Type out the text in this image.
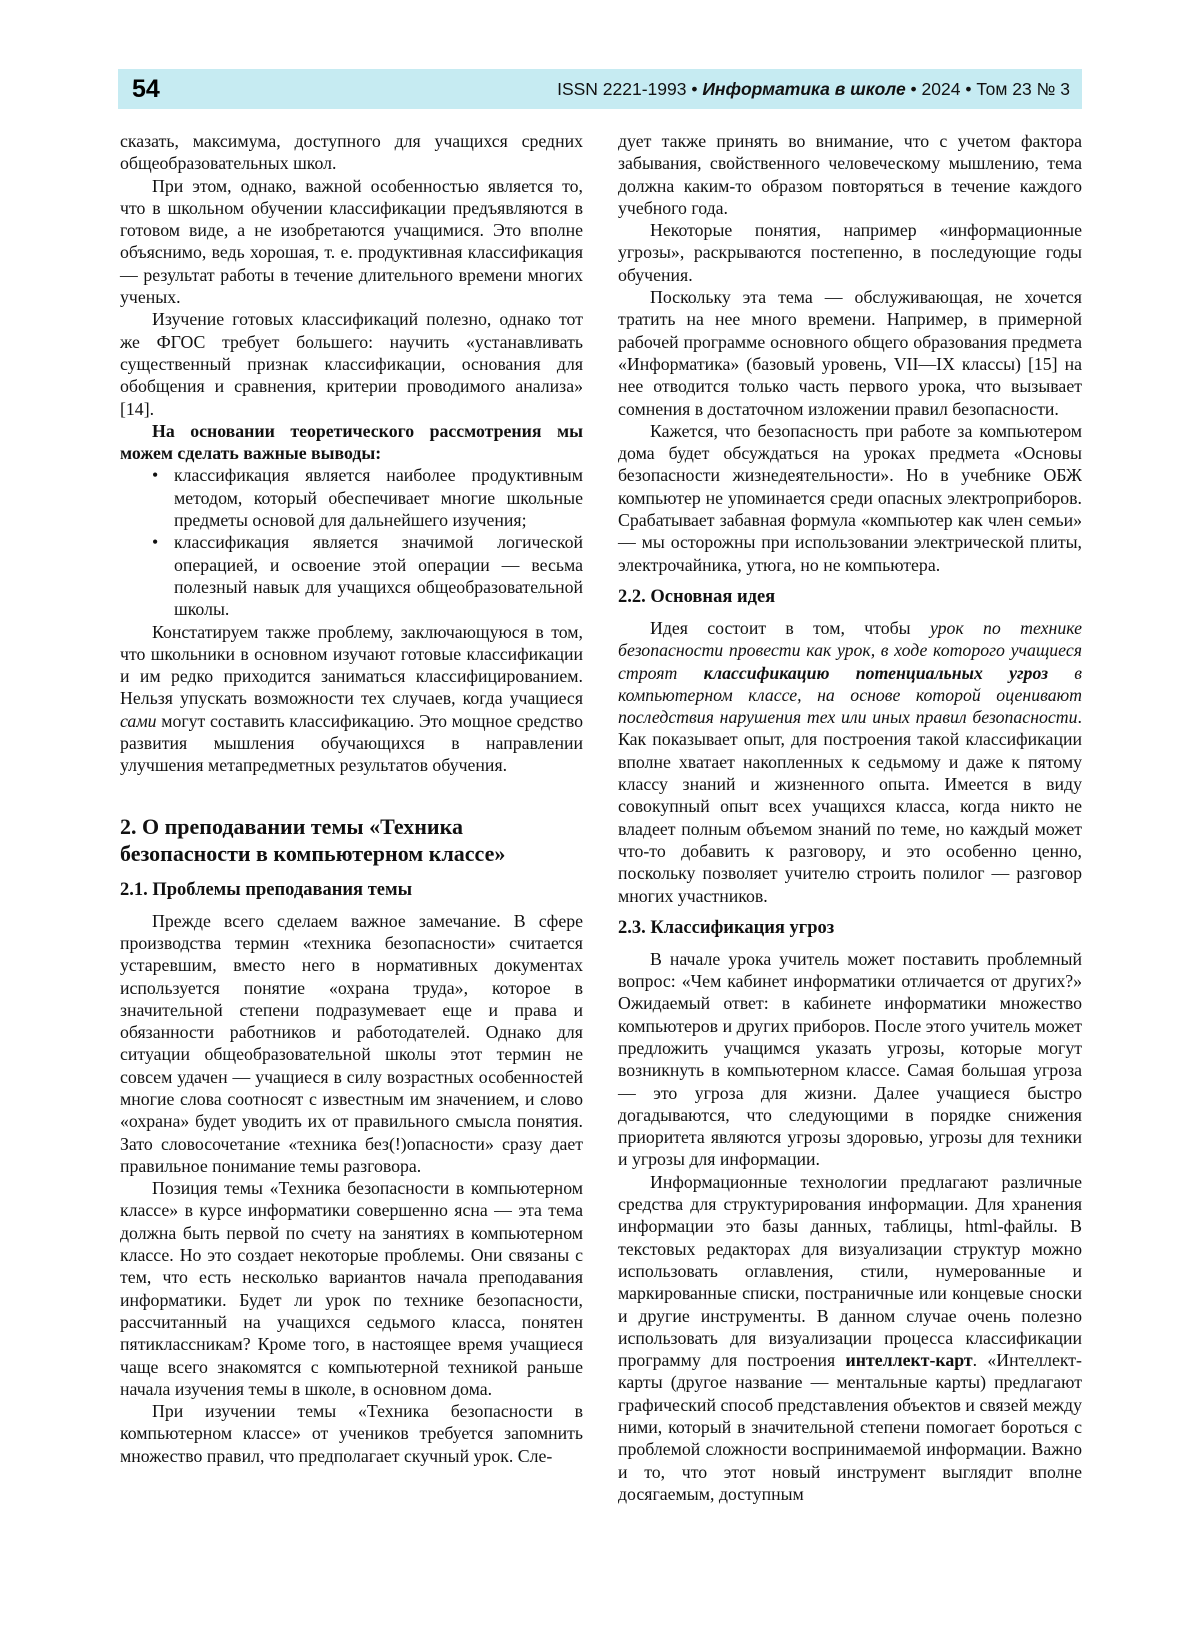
54	ISSN 2221-1993 • Информатика в школе • 2024 • Том 23 № 3

сказать, максимума, доступного для учащихся средних общеобразовательных школ.

При этом, однако, важной особенностью является то, что в школьном обучении классификации предъявляются в готовом виде, а не изобретаются учащимися. Это вполне объяснимо, ведь хорошая, т. е. продуктивная классификация — результат работы в течение длительного времени многих ученых.

Изучение готовых классификаций полезно, однако тот же ФГОС требует большего: научить «устанавливать существенный признак классификации, основания для обобщения и сравнения, критерии проводимого анализа» [14].

На основании теоретического рассмотрения мы можем сделать важные выводы:

• классификация является наиболее продуктивным методом, который обеспечивает многие школьные предметы основой для дальнейшего изучения;
• классификация является значимой логической операцией, и освоение этой операции — весьма полезный навык для учащихся общеобразовательной школы.

Констатируем также проблему, заключающуюся в том, что школьники в основном изучают готовые классификации и им редко приходится заниматься классифицированием. Нельзя упускать возможности тех случаев, когда учащиеся сами могут составить классификацию. Это мощное средство развития мышления обучающихся в направлении улучшения метапредметных результатов обучения.

2. О преподавании темы «Техника безопасности в компьютерном классе»
2.1. Проблемы преподавания темы

Прежде всего сделаем важное замечание. В сфере производства термин «техника безопасности» считается устаревшим, вместо него в нормативных документах используется понятие «охрана труда», которое в значительной степени подразумевает еще и права и обязанности работников и работодателей. Однако для ситуации общеобразовательной школы этот термин не совсем удачен — учащиеся в силу возрастных особенностей многие слова соотносят с известным им значением, и слово «охрана» будет уводить их от правильного смысла понятия. Зато словосочетание «техника без(!)опасности» сразу дает правильное понимание темы разговора.

Позиция темы «Техника безопасности в компьютерном классе» в курсе информатики совершенно ясна — эта тема должна быть первой по счету на занятиях в компьютерном классе. Но это создает некоторые проблемы. Они связаны с тем, что есть несколько вариантов начала преподавания информатики. Будет ли урок по технике безопасности, рассчитанный на учащихся седьмого класса, понятен пятиклассникам? Кроме того, в настоящее время учащиеся чаще всего знакомятся с компьютерной техникой раньше начала изучения темы в школе, в основном дома.

При изучении темы «Техника безопасности в компьютерном классе» от учеников требуется запомнить множество правил, что предполагает скучный урок. Сле-

дует также принять во внимание, что с учетом фактора забывания, свойственного человеческому мышлению, тема должна каким-то образом повторяться в течение каждого учебного года.

Некоторые понятия, например «информационные угрозы», раскрываются постепенно, в последующие годы обучения.

Поскольку эта тема — обслуживающая, не хочется тратить на нее много времени. Например, в примерной рабочей программе основного общего образования предмета «Информатика» (базовый уровень, VII—IX классы) [15] на нее отводится только часть первого урока, что вызывает сомнения в достаточном изложении правил безопасности.

Кажется, что безопасность при работе за компьютером дома будет обсуждаться на уроках предмета «Основы безопасности жизнедеятельности». Но в учебнике ОБЖ компьютер не упоминается среди опасных электроприборов. Срабатывает забавная формула «компьютер как член семьи» — мы осторожны при использовании электрической плиты, электрочайника, утюга, но не компьютера.

2.2. Основная идея

Идея состоит в том, чтобы урок по технике безопасности провести как урок, в ходе которого учащиеся строят классификацию потенциальных угроз в компьютерном классе, на основе которой оценивают последствия нарушения тех или иных правил безопасности. Как показывает опыт, для построения такой классификации вполне хватает накопленных к седьмому и даже к пятому классу знаний и жизненного опыта. Имеется в виду совокупный опыт всех учащихся класса, когда никто не владеет полным объемом знаний по теме, но каждый может что-то добавить к разговору, и это особенно ценно, поскольку позволяет учителю строить полилог — разговор многих участников.

2.3. Классификация угроз

В начале урока учитель может поставить проблемный вопрос: «Чем кабинет информатики отличается от других?» Ожидаемый ответ: в кабинете информатики множество компьютеров и других приборов. После этого учитель может предложить учащимся указать угрозы, которые могут возникнуть в компьютерном классе. Самая большая угроза — это угроза для жизни. Далее учащиеся быстро догадываются, что следующими в порядке снижения приоритета являются угрозы здоровью, угрозы для техники и угрозы для информации.

Информационные технологии предлагают различные средства для структурирования информации. Для хранения информации это базы данных, таблицы, html-файлы. В текстовых редакторах для визуализации структур можно использовать оглавления, стили, нумерованные и маркированные списки, постраничные или концевые сноски и другие инструменты. В данном случае очень полезно использовать для визуализации процесса классификации программу для построения интеллект-карт. «Интеллект-карты (другое название — ментальные карты) предлагают графический способ представления объектов и связей между ними, который в значительной степени помогает бороться с проблемой сложности воспринимаемой информации. Важно и то, что этот новый инструмент выглядит вполне досягаемым, доступным
